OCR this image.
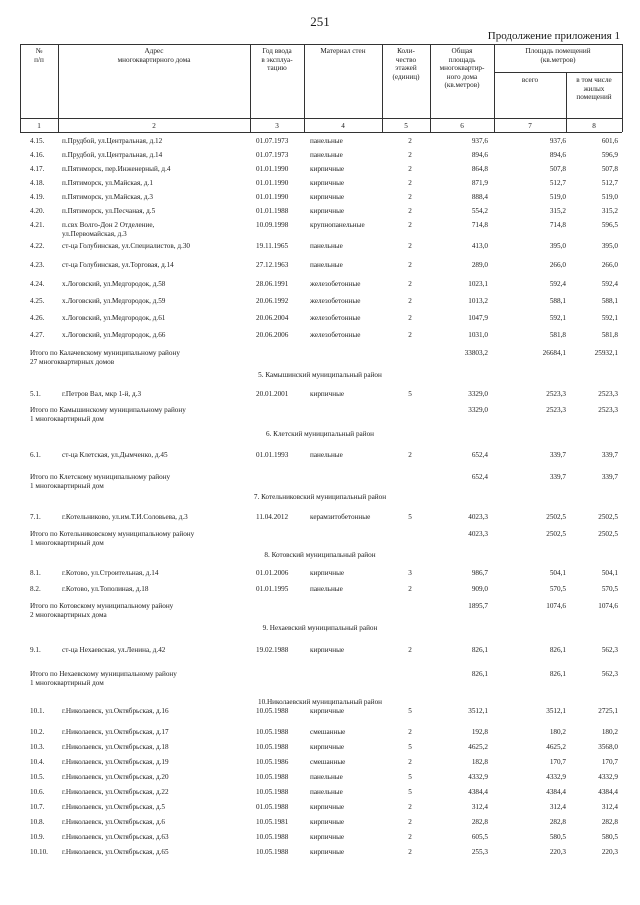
251
Продолжение приложения 1
№
п/п
Адрес
многоквартирного дома
Год ввода
в эксплуа-
тацию
Материал стен	Коли-
чество
этажей
(единиц)
Общая
площадь
многоквартир-
ного дома
(кв.метров)
Площадь помещений
(кв.метров)
всего	в том числе
жилых
помещений
1	2	3	4	5	6	7	8
4.15. п.Прудбой, ул.Центральная, д.12	01.07.1973	панельные	2	937,6	937,6	601,6
4.16. п.Прудбой, ул.Центральная, д.14	01.07.1973	панельные	2	894,6	894,6	596,9
4.17. п.Пятиморск, пер.Инженерный, д.4	01.01.1990	кирпичные	2	864,8	507,8	507,8
4.18. п.Пятиморск, ул.Майская, д.1	01.01.1990	кирпичные	2	871,9	512,7	512,7
4.19. п.Пятиморск, ул.Майская, д.3	01.01.1990	кирпичные	2	888,4	519,0	519,0
4.20. п.Пятиморск, ул.Песчаная, д.5	01.01.1988	кирпичные	2	554,2	315,2	315,2
4.21. п.свх Волго-Дон 2 Отделение,
ул.Первомайская, д.3
10.09.1998	крупнопанельные	2	714,8	714,8	596,5
4.22. ст-ца Голубинская, ул.Специалистов, д.30	19.11.1965	панельные	2	413,0	395,0	395,0
4.23. ст-ца Голубинская, ул.Торговая, д.14	27.12.1963	панельные	2	289,0	266,0	266,0
4.24. х.Логовский, ул.Медгородок, д.58	28.06.1991	железобетонные	2	1023,1	592,4	592,4
4.25. х.Логовский, ул.Медгородок, д.59	20.06.1992	железобетонные	2	1013,2	588,1	588,1
4.26. х.Логовский, ул.Медгородок, д.61	20.06.2004	железобетонные	2	1047,9	592,1	592,1
4.27. х.Логовский, ул.Медгородок, д.66	20.06.2006	железобетонные	2	1031,0	581,8	581,8
Итого по Калачевскому муниципальному району
27 многоквартирных домов
33803,2	26684,1	25932,1
5. Камышинский муниципальный район
5.1.	г.Петров Вал, мкр 1-й, д.3	20.01.2001	кирпичные	5	3329,0	2523,3	2523,3
Итого по Камышинскому муниципальному району
1 многоквартирный дом
3329,0	2523,3	2523,3
6. Клетский муниципальный район
6.1.	ст-ца Клетская, ул.Дымченко, д.45	01.01.1993	панельные	2	652,4	339,7	339,7
Итого по Клетскому муниципальному району
1 многоквартирный дом
652,4	339,7	339,7
7. Котельниковский муниципальный район
7.1.	г.Котельниково, ул.им.Т.И.Соловьева, д.3	11.04.2012	керамзитобетонные	5	4023,3	2502,5	2502,5
Итого по Котельниковскому муниципальному району
1 многоквартирный дом
4023,3	2502,5	2502,5
8. Котовский муниципальный район
8.1.	г.Котово, ул.Строительная, д.14	01.01.2006	кирпичные	3	986,7	504,1	504,1
8.2.	г.Котово, ул.Тополиная, д.18	01.01.1995	панельные	2	909,0	570,5	570,5
Итого по Котовскому муниципальному району
2 многоквартирных дома
1895,7	1074,6	1074,6
9. Нехаевский муниципальный район
9.1.	ст-ца Нехаевская, ул.Ленина, д.42	19.02.1988	кирпичные	2	826,1	826,1	562,3
Итого по Нехаевскому муниципальному району
1 многоквартирный дом
826,1	826,1	562,3
10.Николаевский муниципальный район
10.1. г.Николаевск, ул.Октябрьская, д.16	10.05.1988	кирпичные	5	3512,1	3512,1	2725,1
10.2. г.Николаевск, ул.Октябрьская, д.17	10.05.1988	смешанные	2	192,8	180,2	180,2
10.3. г.Николаевск, ул.Октябрьская, д.18	10.05.1988	кирпичные	5	4625,2	4625,2	3568,0
10.4. г.Николаевск, ул.Октябрьская, д.19	10.05.1986	смешанные	2	182,8	170,7	170,7
10.5. г.Николаевск, ул.Октябрьская, д.20	10.05.1988	панельные	5	4332,9	4332,9	4332,9
10.6. г.Николаевск, ул.Октябрьская, д.22	10.05.1988	панельные	5	4384,4	4384,4	4384,4
10.7. г.Николаевск, ул.Октябрьская, д.5	01.05.1988	кирпичные	2	312,4	312,4	312,4
10.8. г.Николаевск, ул.Октябрьская, д.6	10.05.1981	кирпичные	2	282,8	282,8	282,8
10.9. г.Николаевск, ул.Октябрьская, д.63	10.05.1988	кирпичные	2	605,5	580,5	580,5
10.10. г.Николаевск, ул.Октябрьская, д.65	10.05.1988	кирпичные	2	255,3	220,3	220,3
